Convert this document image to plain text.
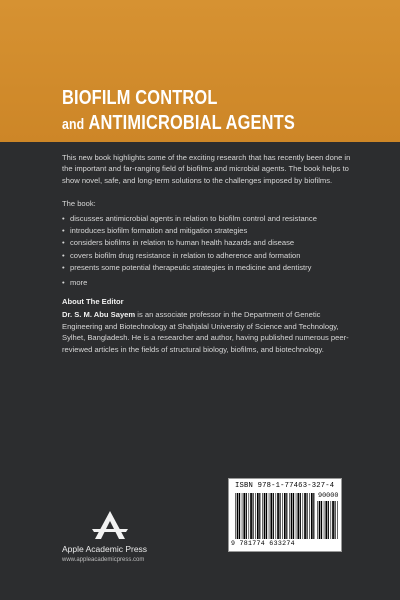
BIOFILM CONTROL
and ANTIMICROBIAL AGENTS

This new book highlights some of the exciting research that has recently been done in the important and far-ranging field of biofilms and microbial agents. The book helps to show novel, safe, and long-term solutions to the challenges imposed by biofilms.

The book:

• discusses antimicrobial agents in relation to biofilm control and resistance
• introduces biofilm formation and mitigation strategies
• considers biofilms in relation to human health hazards and disease
• covers biofilm drug resistance in relation to adherence and formation
• presents some potential therapeutic strategies in medicine and dentistry
• more

About The Editor

Dr. S. M. Abu Sayem is an associate professor in the Department of Genetic Engineering and Biotechnology at Shahjalal University of Science and Technology, Sylhet, Bangladesh. He is a researcher and author, having published numerous peer-reviewed articles in the fields of structural biology, biofilms, and biotechnology.

Apple Academic Press
www.appleacademicpress.com
ISBN 978-1-77463-327-4
90000
9 781774 633274
